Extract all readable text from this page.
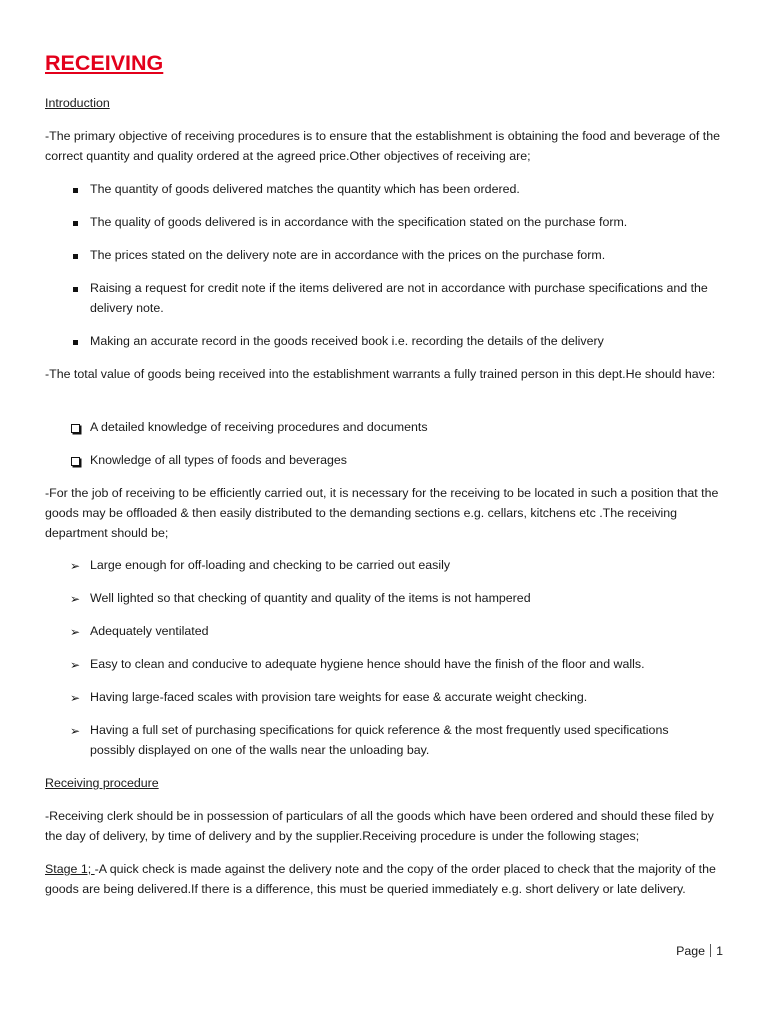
RECEIVING
Introduction

-The primary objective of receiving procedures is to ensure that the establishment is obtaining the food and beverage of the correct quantity and quality ordered at the agreed price.Other objectives of receiving are;

The quantity of goods delivered matches the quantity which has been ordered.
The quality of goods delivered is in accordance with the specification stated on the purchase form.
The prices stated on the delivery note are in accordance with the prices on the purchase form.
Raising a request for credit note if the items delivered are not in accordance with purchase specifications and the delivery note.
Making an accurate record in the goods received book i.e. recording the details of the delivery

-The total value of goods being received into the establishment warrants a fully trained person in this dept.He should have:

A detailed knowledge of receiving procedures and documents
Knowledge of all types of foods and beverages

-For the job of receiving to be efficiently carried out, it is necessary for the receiving to be located in such a position that the goods may be offloaded & then easily distributed to the demanding sections e.g. cellars, kitchens etc .The receiving department should be;

➢ Large enough for off-loading and checking to be carried out easily
➢ Well lighted so that checking of quantity and quality of the items is not hampered
➢ Adequately ventilated
➢ Easy to clean and conducive to adequate hygiene hence should have the finish of the floor and walls.
➢ Having large-faced scales with provision tare weights for ease & accurate weight checking.
➢ Having a full set of purchasing specifications for quick reference & the most frequently used specifications possibly displayed on one of the walls near the unloading bay.
Receiving procedure

-Receiving clerk should be in possession of particulars of all the goods which have been ordered and should these filed by the day of delivery, by time of delivery and by the supplier.Receiving procedure is under the following stages;

Stage 1; -A quick check is made against the delivery note and the copy of the order placed to check that the majority of the goods are being delivered.If there is a difference, this must be queried immediately e.g. short delivery or late delivery.

Page 1
